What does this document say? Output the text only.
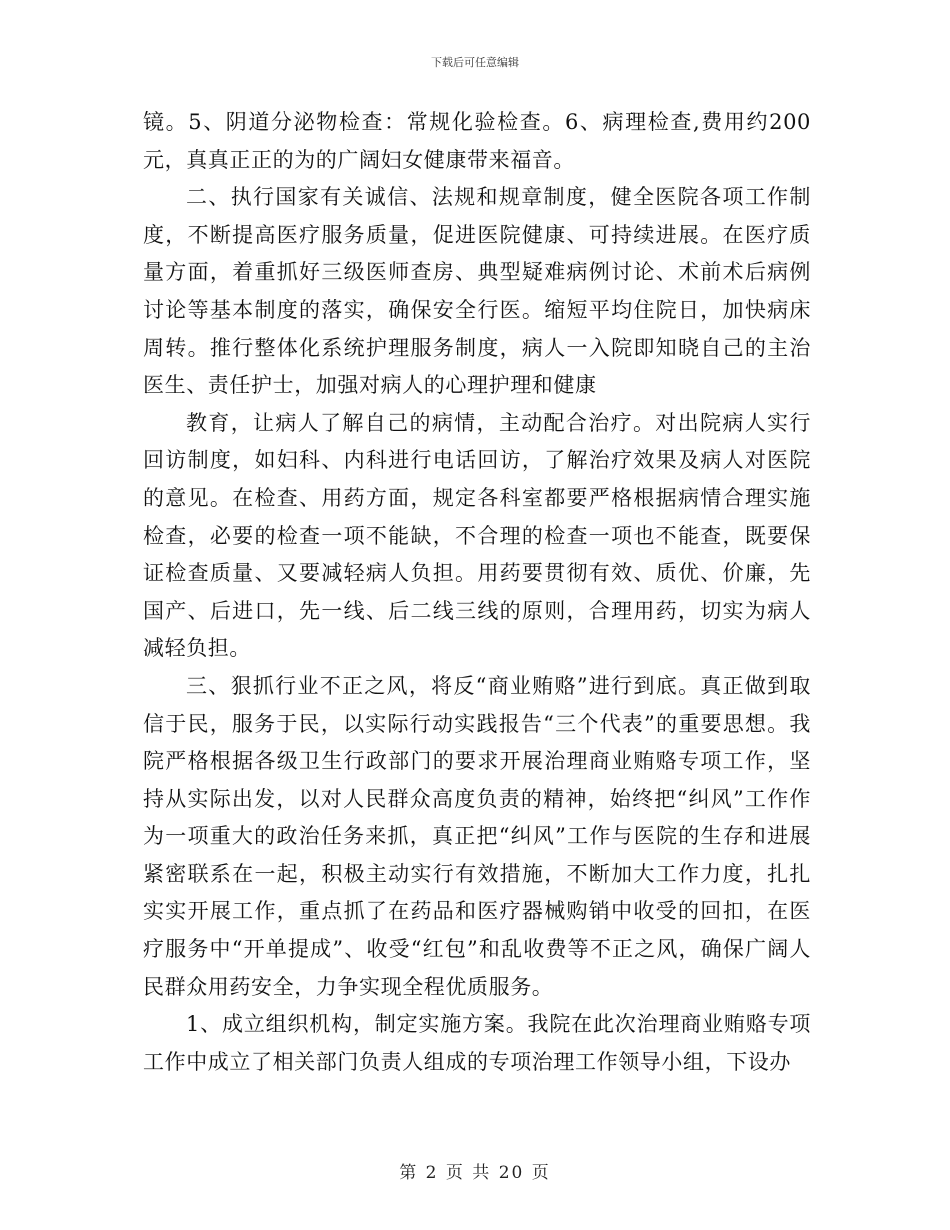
下载后可任意编辑

镜。5、阴道分泌物检查：常规化验检查。6、病理检查,费用约200元，真真正正的为的广阔妇女健康带来福音。

二、执行国家有关诚信、法规和规章制度，健全医院各项工作制度，不断提高医疗服务质量，促进医院健康、可持续进展。在医疗质量方面，着重抓好三级医师查房、典型疑难病例讨论、术前术后病例讨论等基本制度的落实，确保安全行医。缩短平均住院日，加快病床周转。推行整体化系统护理服务制度，病人一入院即知晓自己的主治医生、责任护士，加强对病人的心理护理和健康

教育，让病人了解自己的病情，主动配合治疗。对出院病人实行回访制度，如妇科、内科进行电话回访，了解治疗效果及病人对医院的意见。在检查、用药方面，规定各科室都要严格根据病情合理实施检查，必要的检查一项不能缺，不合理的检查一项也不能查，既要保证检查质量、又要减轻病人负担。用药要贯彻有效、质优、价廉，先国产、后进口，先一线、后二线三线的原则，合理用药，切实为病人减轻负担。

三、狠抓行业不正之风，将反“商业贿赂”进行到底。真正做到取信于民，服务于民，以实际行动实践报告“三个代表”的重要思想。我院严格根据各级卫生行政部门的要求开展治理商业贿赂专项工作，坚持从实际出发，以对人民群众高度负责的精神，始终把“纠风”工作作为一项重大的政治任务来抓，真正把“纠风”工作与医院的生存和进展紧密联系在一起，积极主动实行有效措施，不断加大工作力度，扎扎实实开展工作，重点抓了在药品和医疗器械购销中收受的回扣，在医疗服务中“开单提成”、收受“红包”和乱收费等不正之风，确保广阔人民群众用药安全，力争实现全程优质服务。

1、成立组织机构，制定实施方案。我院在此次治理商业贿赂专项工作中成立了相关部门负责人组成的专项治理工作领导小组，下设办

第 2 页 共 20 页
